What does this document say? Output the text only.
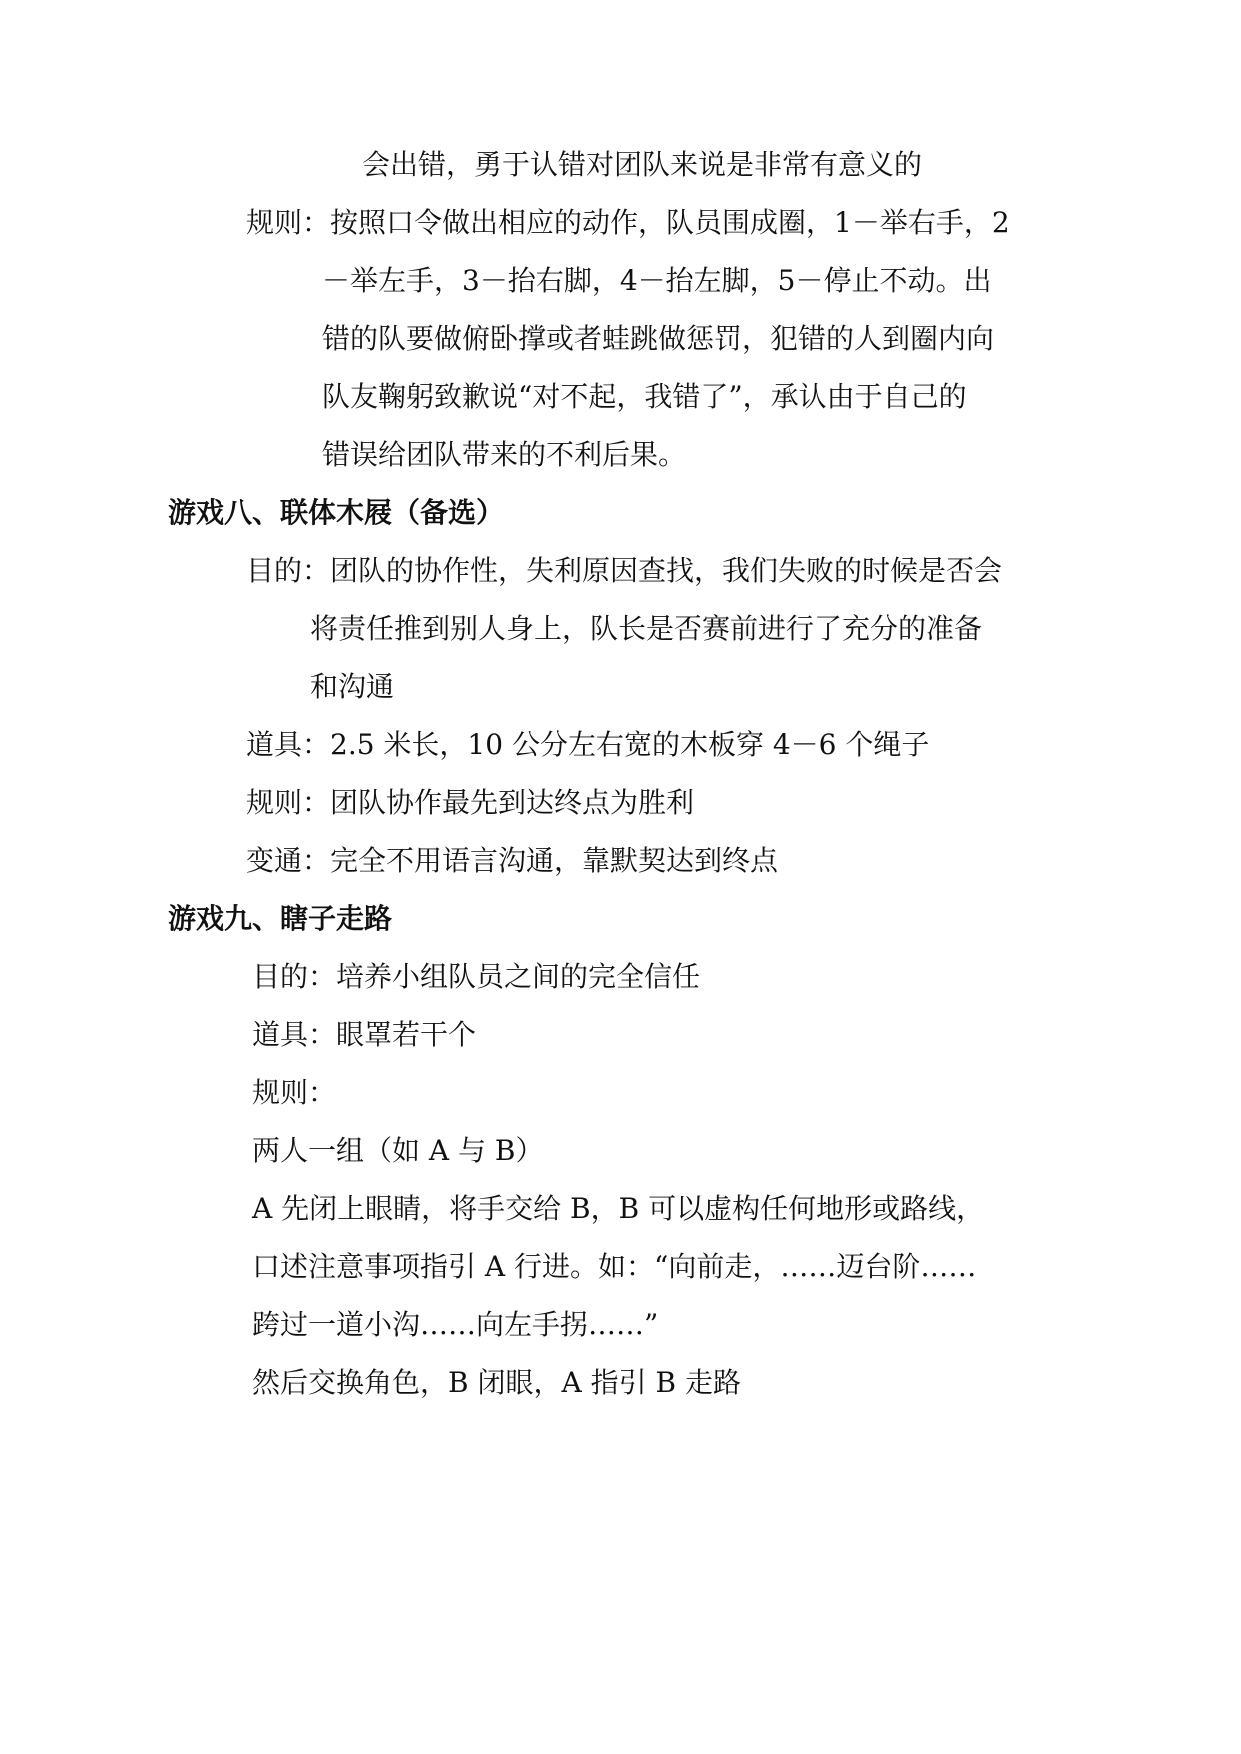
会出错，勇于认错对团队来说是非常有意义的
规则：按照口令做出相应的动作，队员围成圈，1－举右手，2
－举左手，3－抬右脚，4－抬左脚，5－停止不动。出
错的队要做俯卧撑或者蛙跳做惩罚，犯错的人到圈内向
队友鞠躬致歉说“对不起，我错了”，承认由于自己的
错误给团队带来的不利后果。
游戏八、联体木屐（备选）
目的：团队的协作性，失利原因查找，我们失败的时候是否会
将责任推到别人身上，队长是否赛前进行了充分的准备
和沟通
道具：2.5 米长，10 公分左右宽的木板穿 4－6 个绳子
规则：团队协作最先到达终点为胜利
变通：完全不用语言沟通，靠默契达到终点
游戏九、瞎子走路
目的：培养小组队员之间的完全信任
道具：眼罩若干个
规则：
两人一组（如 A 与 B）
A 先闭上眼睛，将手交给 B，B 可以虚构任何地形或路线，
口述注意事项指引 A 行进。如：“向前走，……迈台阶……
跨过一道小沟……向左手拐……”
然后交换角色，B 闭眼，A 指引 B 走路
